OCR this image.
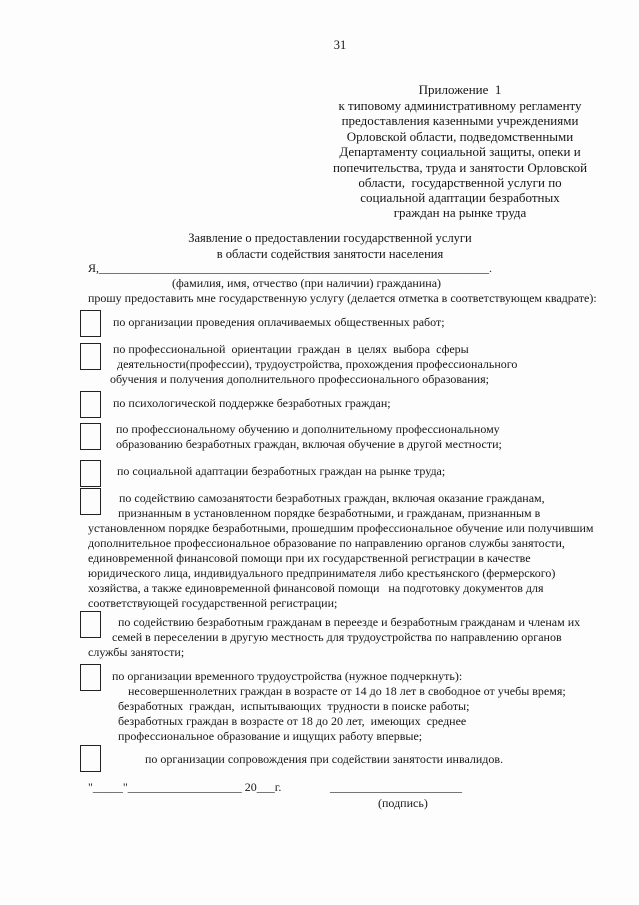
31
Приложение  1
к типовому административному регламенту
предоставления казенными учреждениями
Орловской области, подведомственными
Департаменту социальной защиты, опеки и
попечительства, труда и занятости Орловской
области,  государственной услуги по
социальной адаптации безработных
граждан на рынке труда
Заявление о предоставлении государственной услуги
в области содействия занятости населения
Я,_________________________________________________________________.
(фамилия, имя, отчество (при наличии) гражданина)
прошу предоставить мне государственную услугу (делается отметка в соответствующем квадрате):
по организации проведения оплачиваемых общественных работ;
по профессиональной  ориентации  граждан  в  целях  выбора  сферы
деятельности(профессии), трудоустройства, прохождения профессионального
обучения и получения дополнительного профессионального образования;
по психологической поддержке безработных граждан;
по профессиональному обучению и дополнительному профессиональному
образованию безработных граждан, включая обучение в другой местности;
по социальной адаптации безработных граждан на рынке труда;
по содействию самозанятости безработных граждан, включая оказание гражданам,
признанным в установленном порядке безработными, и гражданам, признанным в
установленном порядке безработными, прошедшим профессиональное обучение или получившим
дополнительное профессиональное образование по направлению органов службы занятости,
единовременной финансовой помощи при их государственной регистрации в качестве
юридического лица, индивидуального предпринимателя либо крестьянского (фермерского)
хозяйства, а также единовременной финансовой помощи   на подготовку документов для
соответствующей государственной регистрации;
по содействию безработным гражданам в переезде и безработным гражданам и членам их
семей в переселении в другую местность для трудоустройства по направлению органов
службы занятости;
по организации временного трудоустройства (нужное подчеркнуть):
несовершеннолетних граждан в возрасте от 14 до 18 лет в свободное от учебы время;
безработных  граждан,  испытывающих  трудности в поиске работы;
безработных граждан в возрасте от 18 до 20 лет,  имеющих  среднее
профессиональное образование и ищущих работу впервые;
по организации сопровождения при содействии занятости инвалидов.
"_____"___________________ 20___г.	______________________
(подпись)
